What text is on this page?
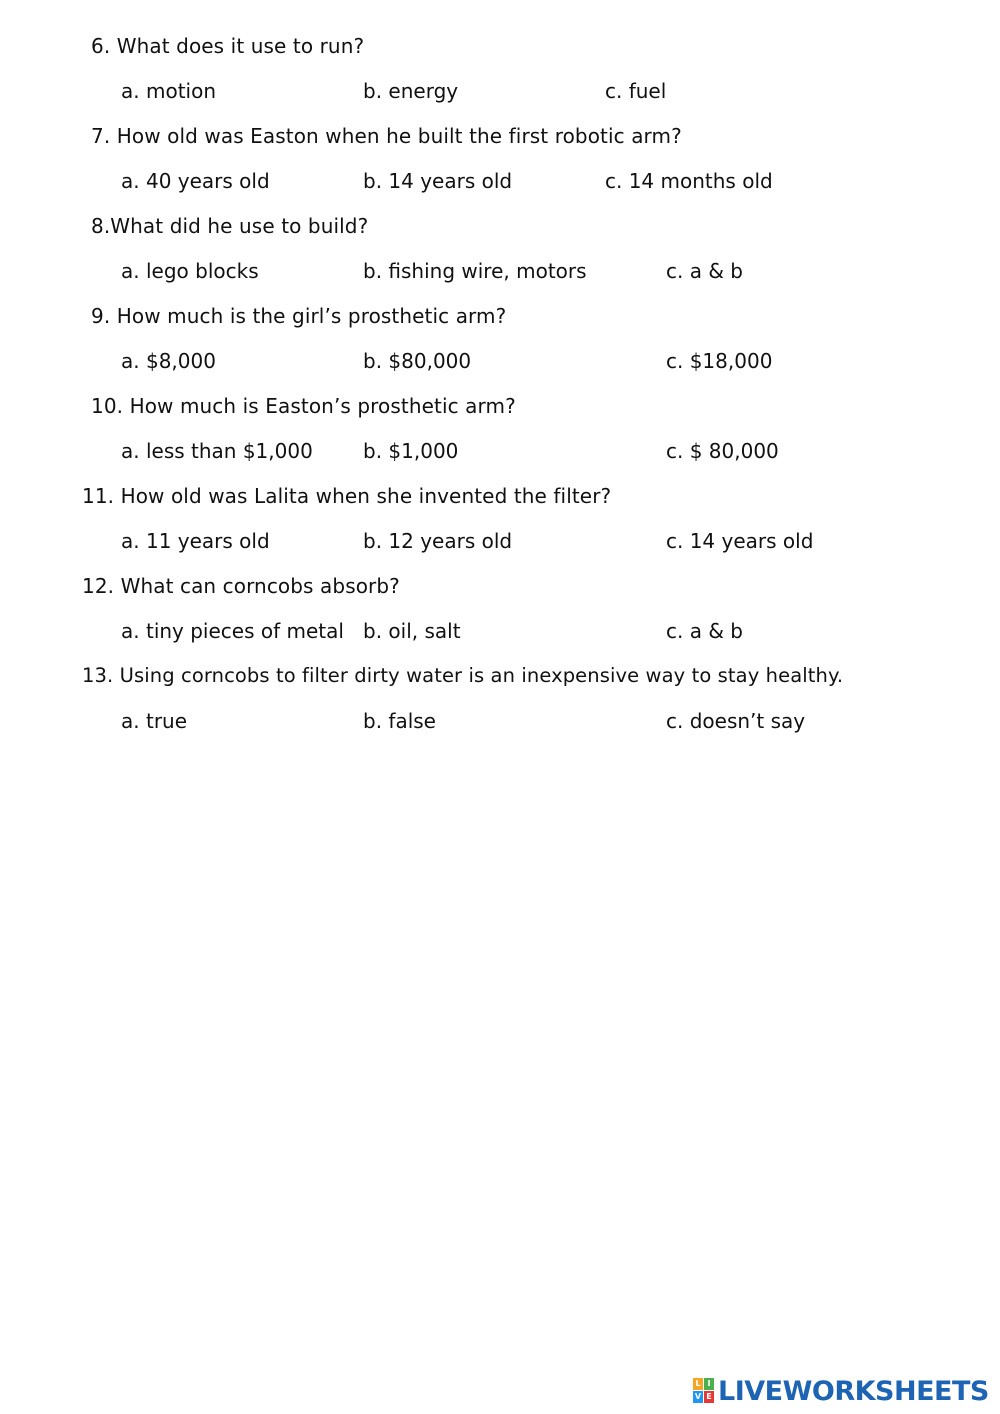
6. What does it use to run?
a. motion	b. energy	c. fuel
7. How old was Easton when he built the first robotic arm?
a. 40 years old	b. 14 years old	c. 14 months old
8.What did he use to build?
a. lego blocks	b. fishing wire, motors	c. a & b
9. How much is the girl’s prosthetic arm?
a. $8,000	b. $80,000	c. $18,000
10. How much is Easton’s prosthetic arm?
a. less than $1,000	b. $1,000	c. $ 80,000
11. How old was Lalita when she invented the filter?
a. 11 years old	b. 12 years old	c. 14 years old
12. What can corncobs absorb?
a. tiny pieces of metal b. oil, salt	c. a & b
13. Using corncobs to filter dirty water is an inexpensive way to stay healthy.
a. true	b. false	c. doesn’t say
L I
V E LIVEWORKSHEETS
